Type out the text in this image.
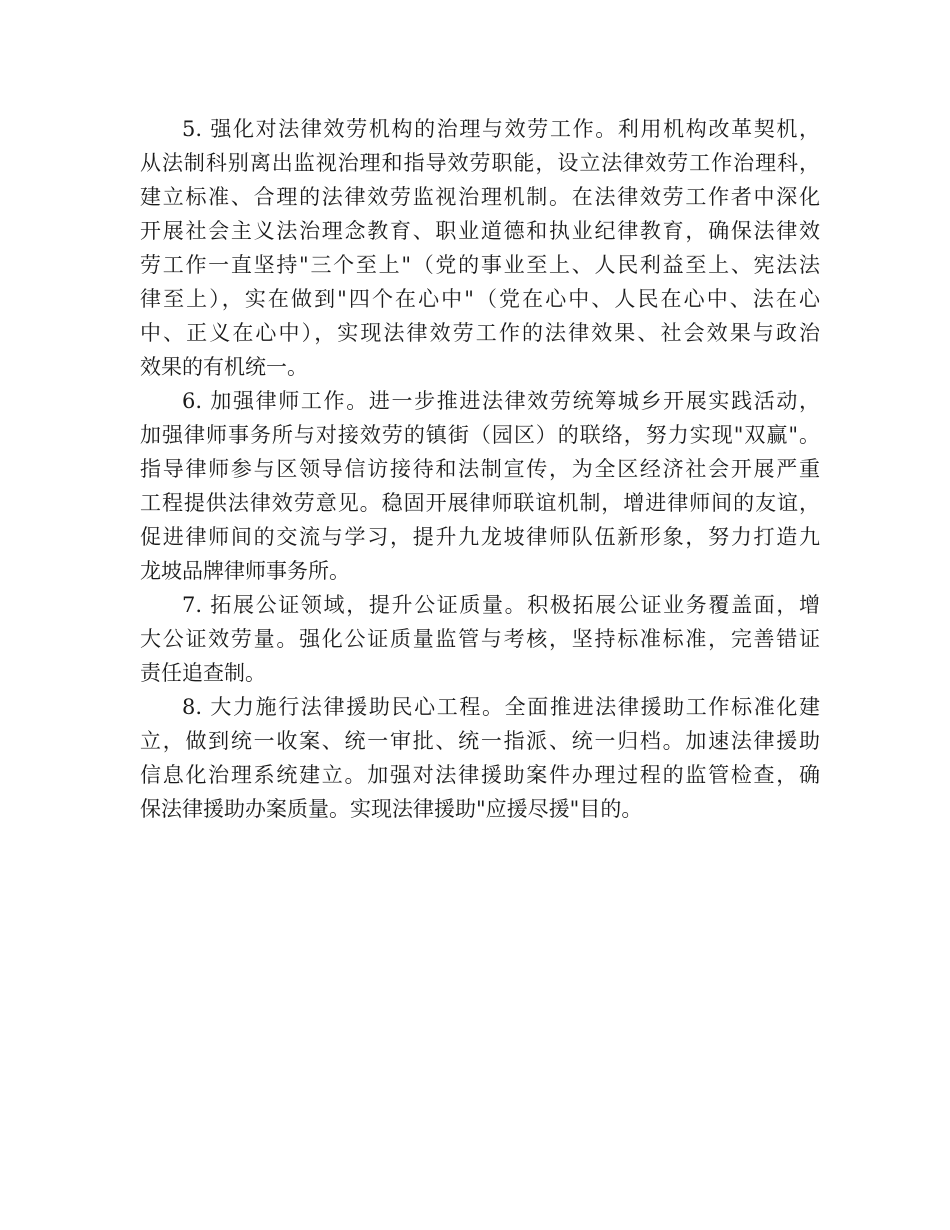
5. 强化对法律效劳机构的治理与效劳工作。利用机构改革契机，
从法制科别离出监视治理和指导效劳职能，设立法律效劳工作治理科，
建立标准、合理的法律效劳监视治理机制。在法律效劳工作者中深化
开展社会主义法治理念教育、职业道德和执业纪律教育，确保法律效
劳工作一直坚持"三个至上"（党的事业至上、人民利益至上、宪法法
律至上），实在做到"四个在心中"（党在心中、人民在心中、法在心
中、正义在心中），实现法律效劳工作的法律效果、社会效果与政治
效果的有机统一。
6. 加强律师工作。进一步推进法律效劳统筹城乡开展实践活动，
加强律师事务所与对接效劳的镇街（园区）的联络，努力实现"双赢"。
指导律师参与区领导信访接待和法制宣传，为全区经济社会开展严重
工程提供法律效劳意见。稳固开展律师联谊机制，增进律师间的友谊，
促进律师间的交流与学习，提升九龙坡律师队伍新形象，努力打造九
龙坡品牌律师事务所。
7. 拓展公证领域，提升公证质量。积极拓展公证业务覆盖面，增
大公证效劳量。强化公证质量监管与考核，坚持标准标准，完善错证
责任追查制。
8. 大力施行法律援助民心工程。全面推进法律援助工作标准化建
立，做到统一收案、统一审批、统一指派、统一归档。加速法律援助
信息化治理系统建立。加强对法律援助案件办理过程的监管检查，确
保法律援助办案质量。实现法律援助"应援尽援"目的。
